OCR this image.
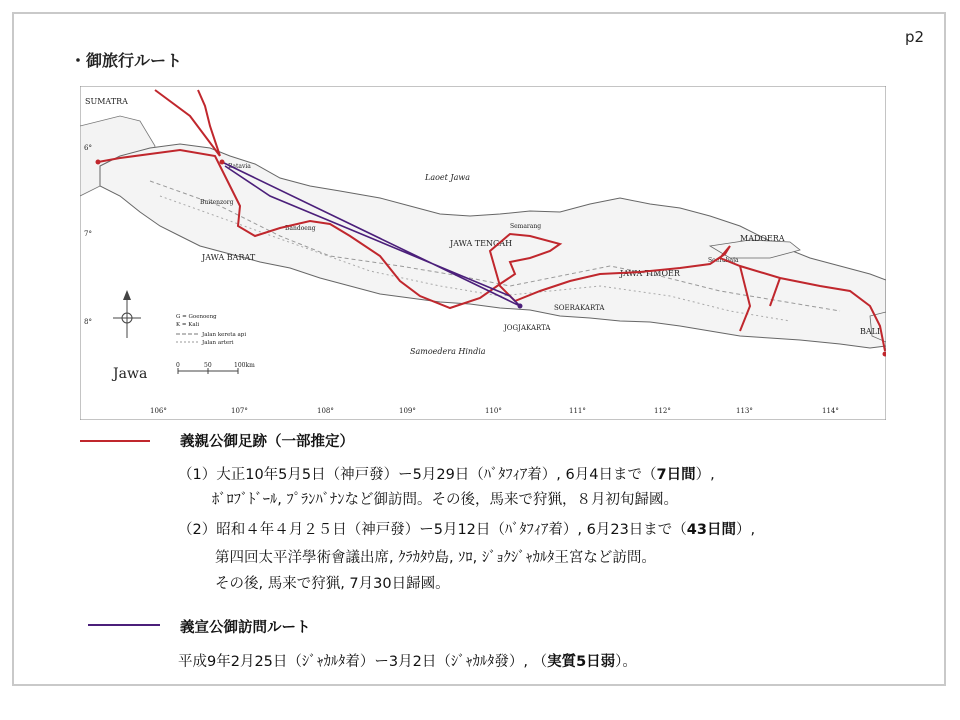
p2
・御旅行ルート
6°
7°
8°
106°	107°	108°	109°	110°	111°	112°	113°	114°
SUMATRA
JAWA BARAT
JAWA TENGAH
JAWA TIMOER
MADOERA
BALI
JOGJAKARTA
SOERAKARTA
Laoet Jawa
Samoedera Hindia
Batavia
Buitenzorg
Bandoeng	Semarang
Soerabaja
Jawa
G = Goenoeng
K = Kali
Jalan kereta api
Jalan arteri
0	50	100km
義親公御足跡（一部推定）
（1）大正10年5月5日（神戸發）ー5月29日（ﾊﾞﾀﾌｨｱ着）, 6月4日まで（7日間）,
ﾎﾞﾛﾌﾞﾄﾞｰﾙ, ﾌﾟﾗﾝﾊﾞﾅﾝなど御訪問。その後，馬来で狩猟，８月初旬歸國。
（2）昭和４年４月２５日（神戸發）ー5月12日（ﾊﾞﾀﾌｨｱ着）, 6月23日まで（43日間）,
第四回太平洋學術會議出席, ｸﾗｶﾀｳ島, ｿﾛ, ｼﾞｮｸｼﾞｬｶﾙﾀ王宮など訪問。
その後, 馬来で狩猟, 7月30日歸國。
義宣公御訪問ルート
平成9年2月25日（ｼﾞｬｶﾙﾀ着）ー3月2日（ｼﾞｬｶﾙﾀ發）, （実質5日弱）。
